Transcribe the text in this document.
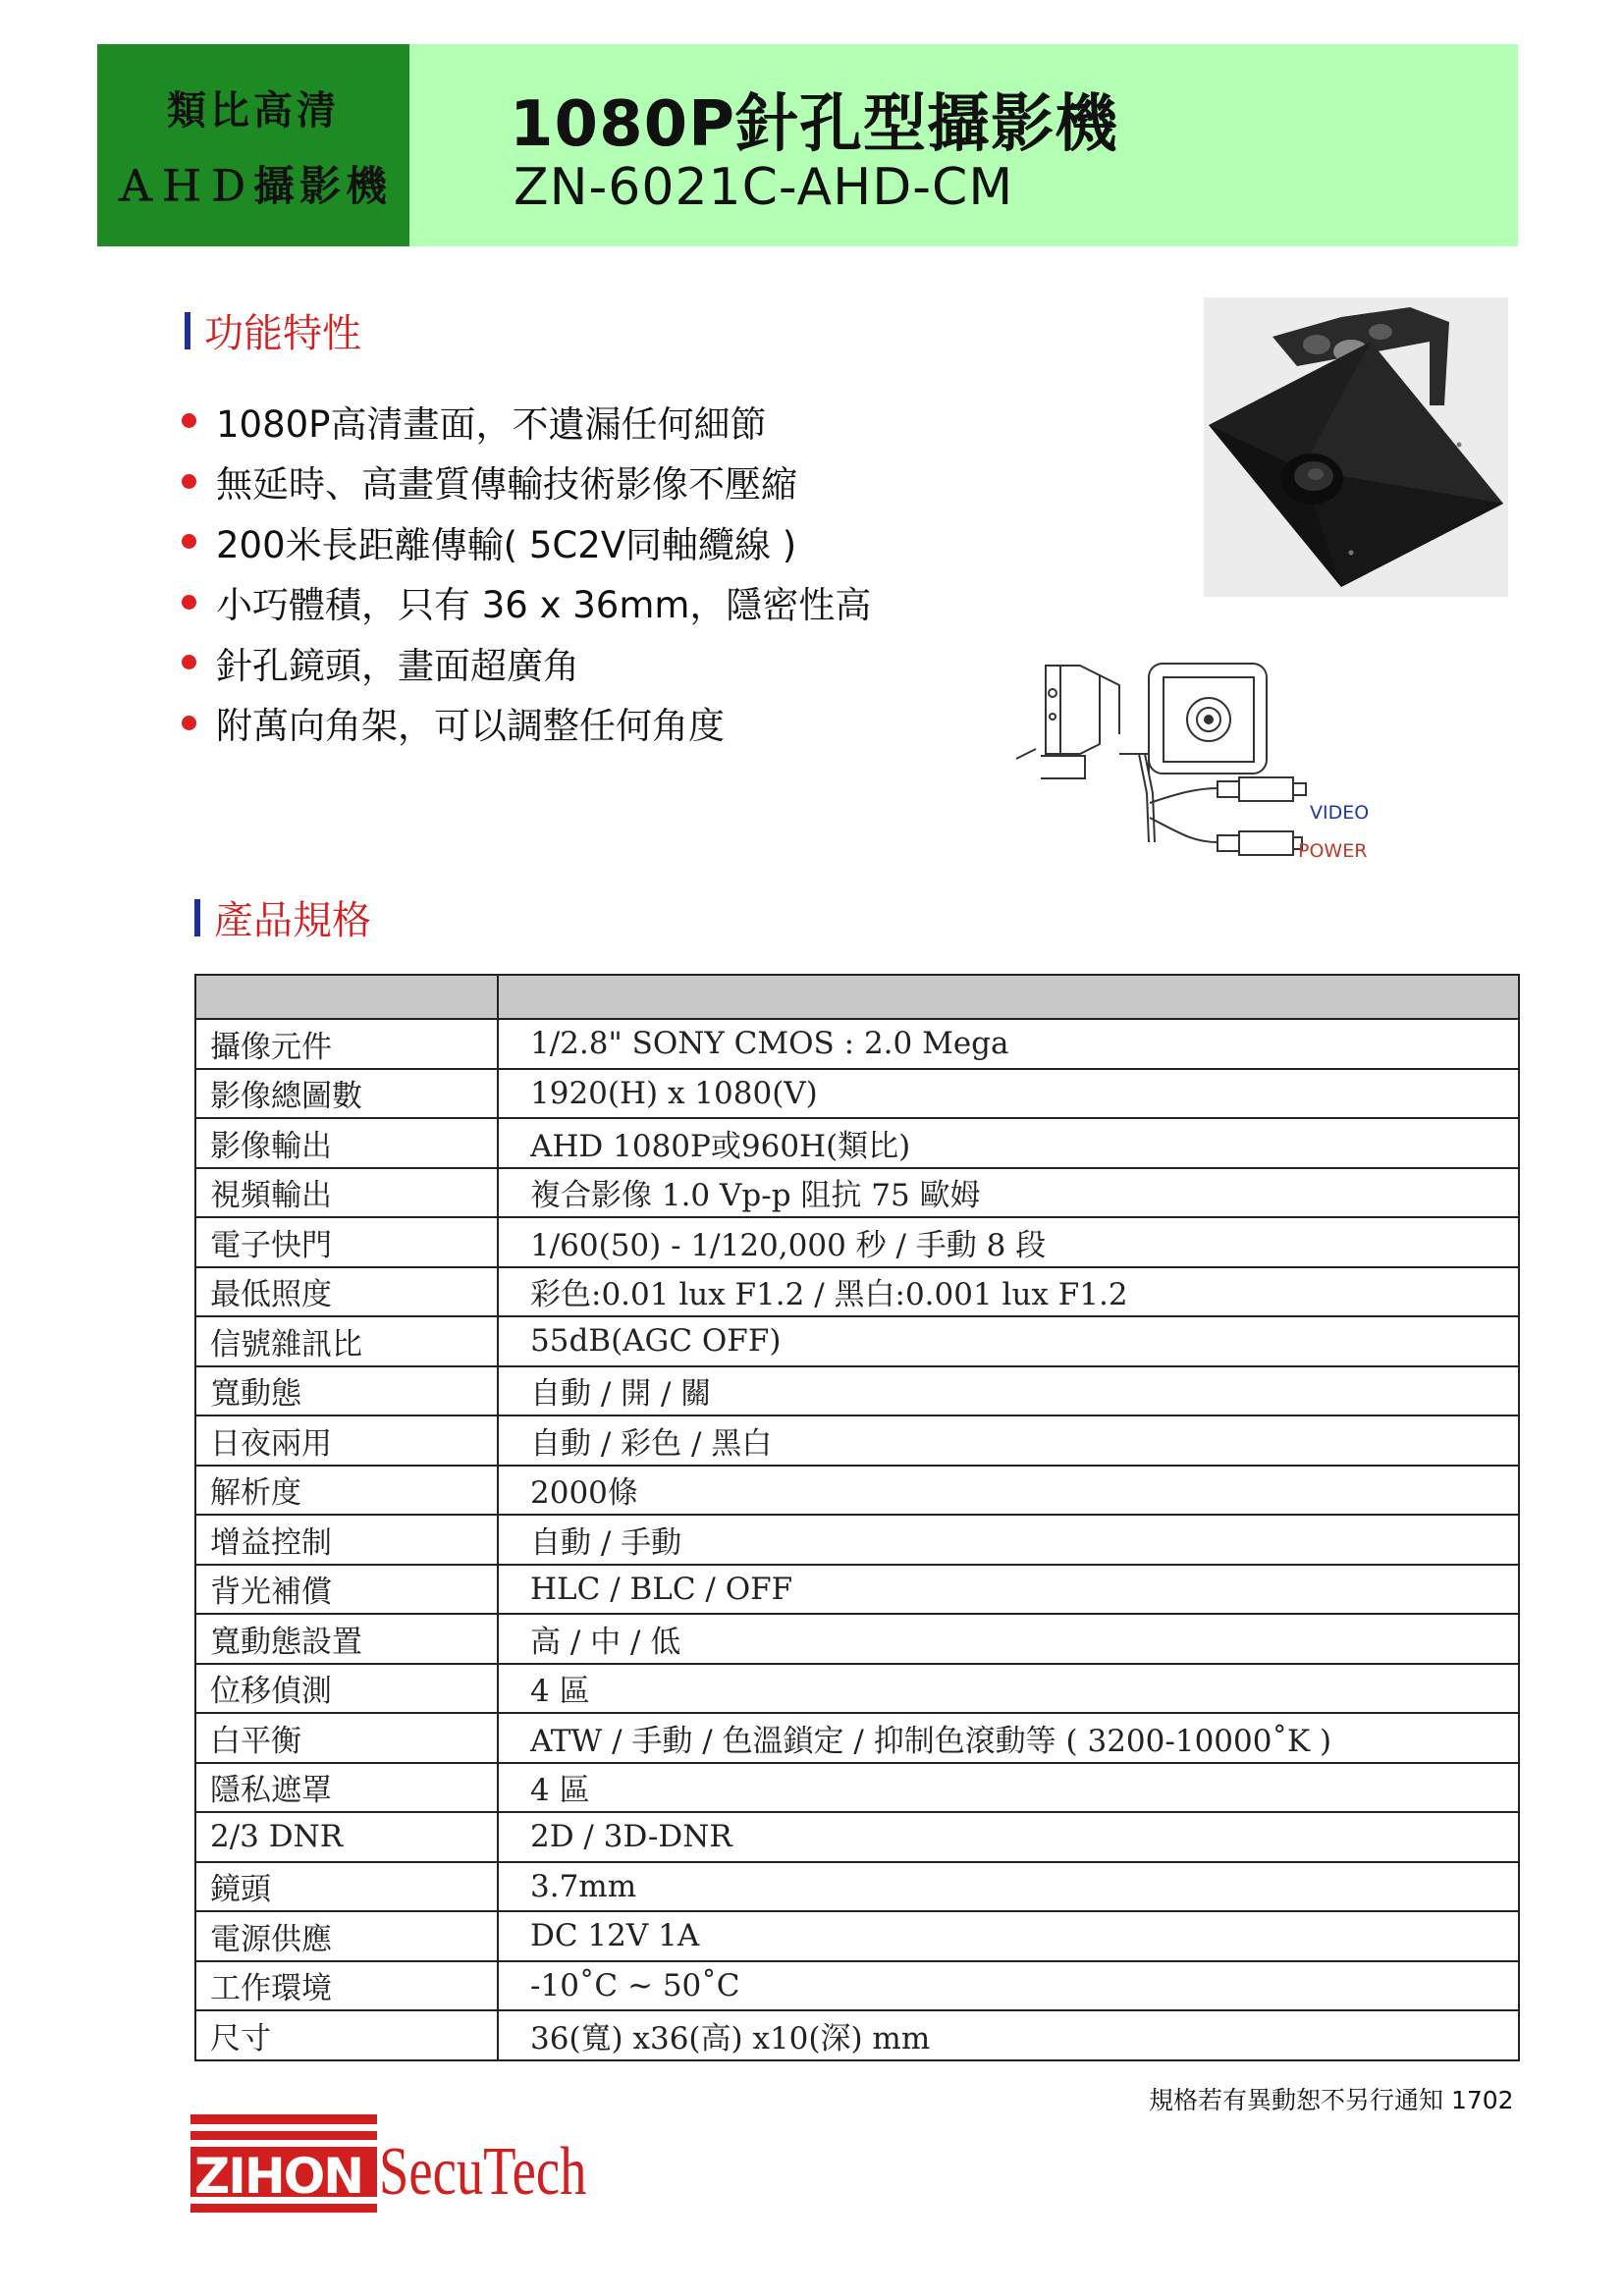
類比高清
ＡＨＤ攝影機
1080P針孔型攝影機
ZN-6021C-AHD-CM
功能特性
1080P高清畫面，不遺漏任何細節
無延時、高畫質傳輸技術影像不壓縮
200米長距離傳輸( 5C2V同軸纜線 )
小巧體積，只有 36 x 36mm，隱密性高
針孔鏡頭，畫面超廣角
附萬向角架，可以調整任何角度
VIDEO
POWER
產品規格

攝像元件	1/2.8" SONY CMOS : 2.0 Mega
影像總圖數	1920(H) x 1080(V)
影像輸出	AHD 1080P或960H(類比)
視頻輸出	複合影像 1.0 Vp-p 阻抗 75 歐姆
電子快門	1/60(50) - 1/120,000 秒 / 手動 8 段
最低照度	彩色:0.01 lux F1.2 / 黑白:0.001 lux F1.2
信號雜訊比	55dB(AGC OFF)
寬動態	自動 / 開 / 關
日夜兩用	自動 / 彩色 / 黑白
解析度	2000條
增益控制	自動 / 手動
背光補償	HLC / BLC / OFF
寬動態設置	高 / 中 / 低
位移偵測	4 區
白平衡	ATW / 手動 / 色溫鎖定 / 抑制色滾動等 ( 3200-10000˚K )
隱私遮罩	4 區
2/3 DNR	2D / 3D-DNR
鏡頭	3.7mm
電源供應	DC 12V 1A
工作環境	-10˚C ~ 50˚C
尺寸	36(寬) x36(高) x10(深) mm
規格若有異動恕不另行通知 1702
ZIHON SecuTech
